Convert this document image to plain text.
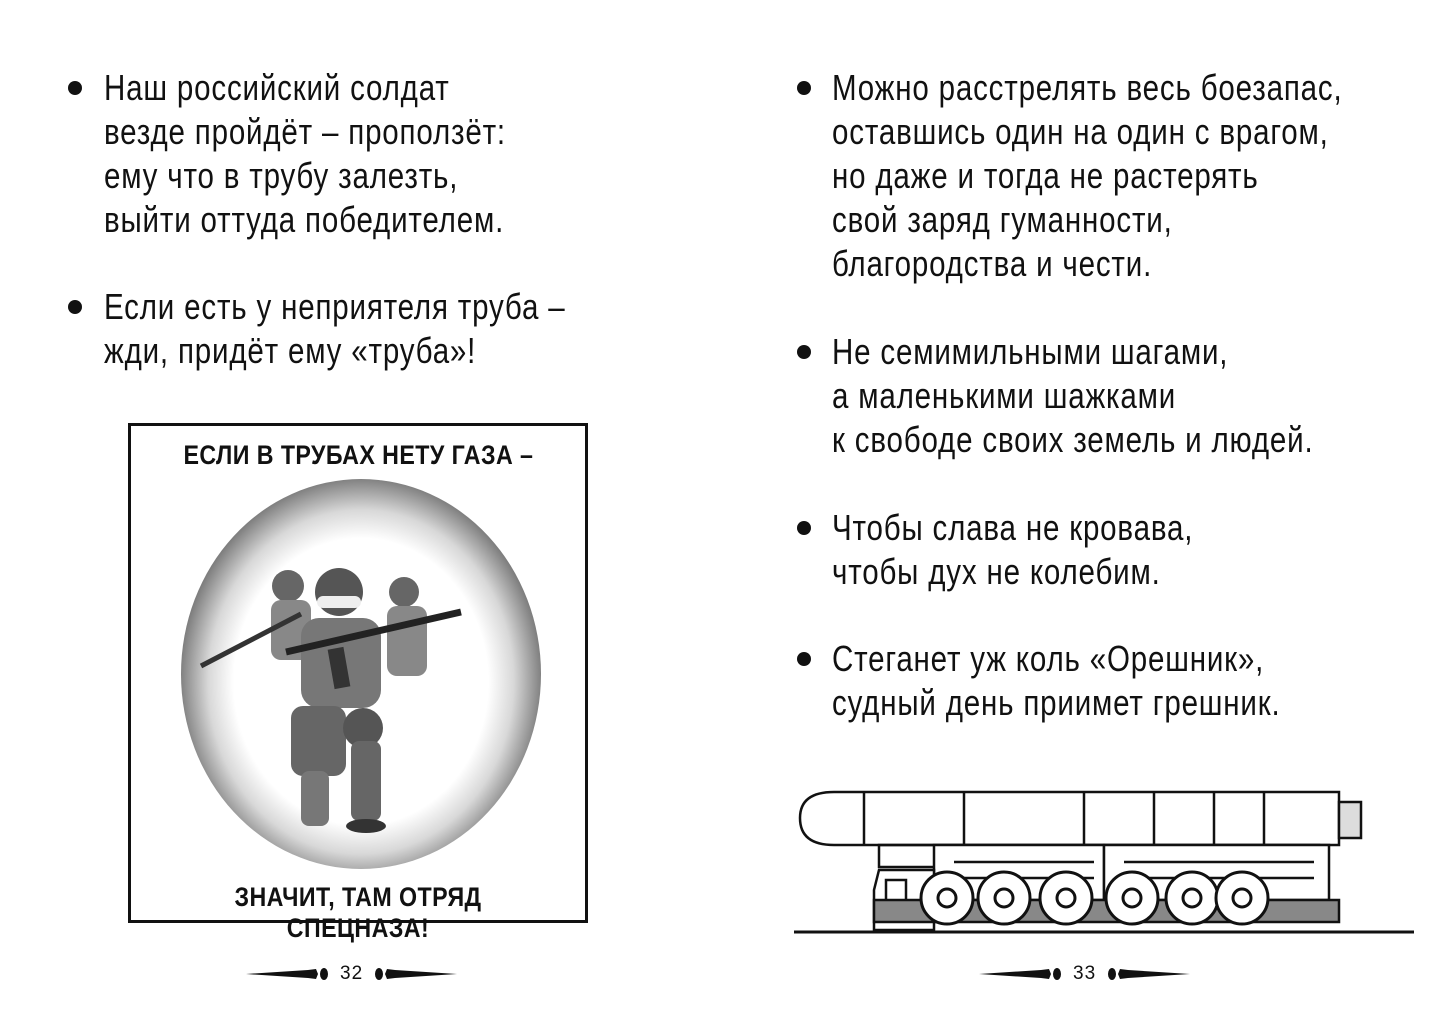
Наш российский солдат
везде пройдёт – проползёт:
ему что в трубу залезть,
выйти оттуда победителем.
Если есть у неприятеля труба –
жди, придёт ему «труба»!
ЕСЛИ В ТРУБАХ НЕТУ ГАЗА –
ЗНАЧИТ, ТАМ ОТРЯД СПЕЦНАЗА!
32
Можно расстрелять весь боезапас,
оставшись один на один с врагом,
но даже и тогда не растерять
свой заряд гуманности,
благородства и чести.
Не семимильными шагами,
а маленькими шажками
к свободе своих земель и людей.
Чтобы слава не кровава,
чтобы дух не колебим.
Стеганет уж коль «Орешник»,
судный день приимет грешник.
33
